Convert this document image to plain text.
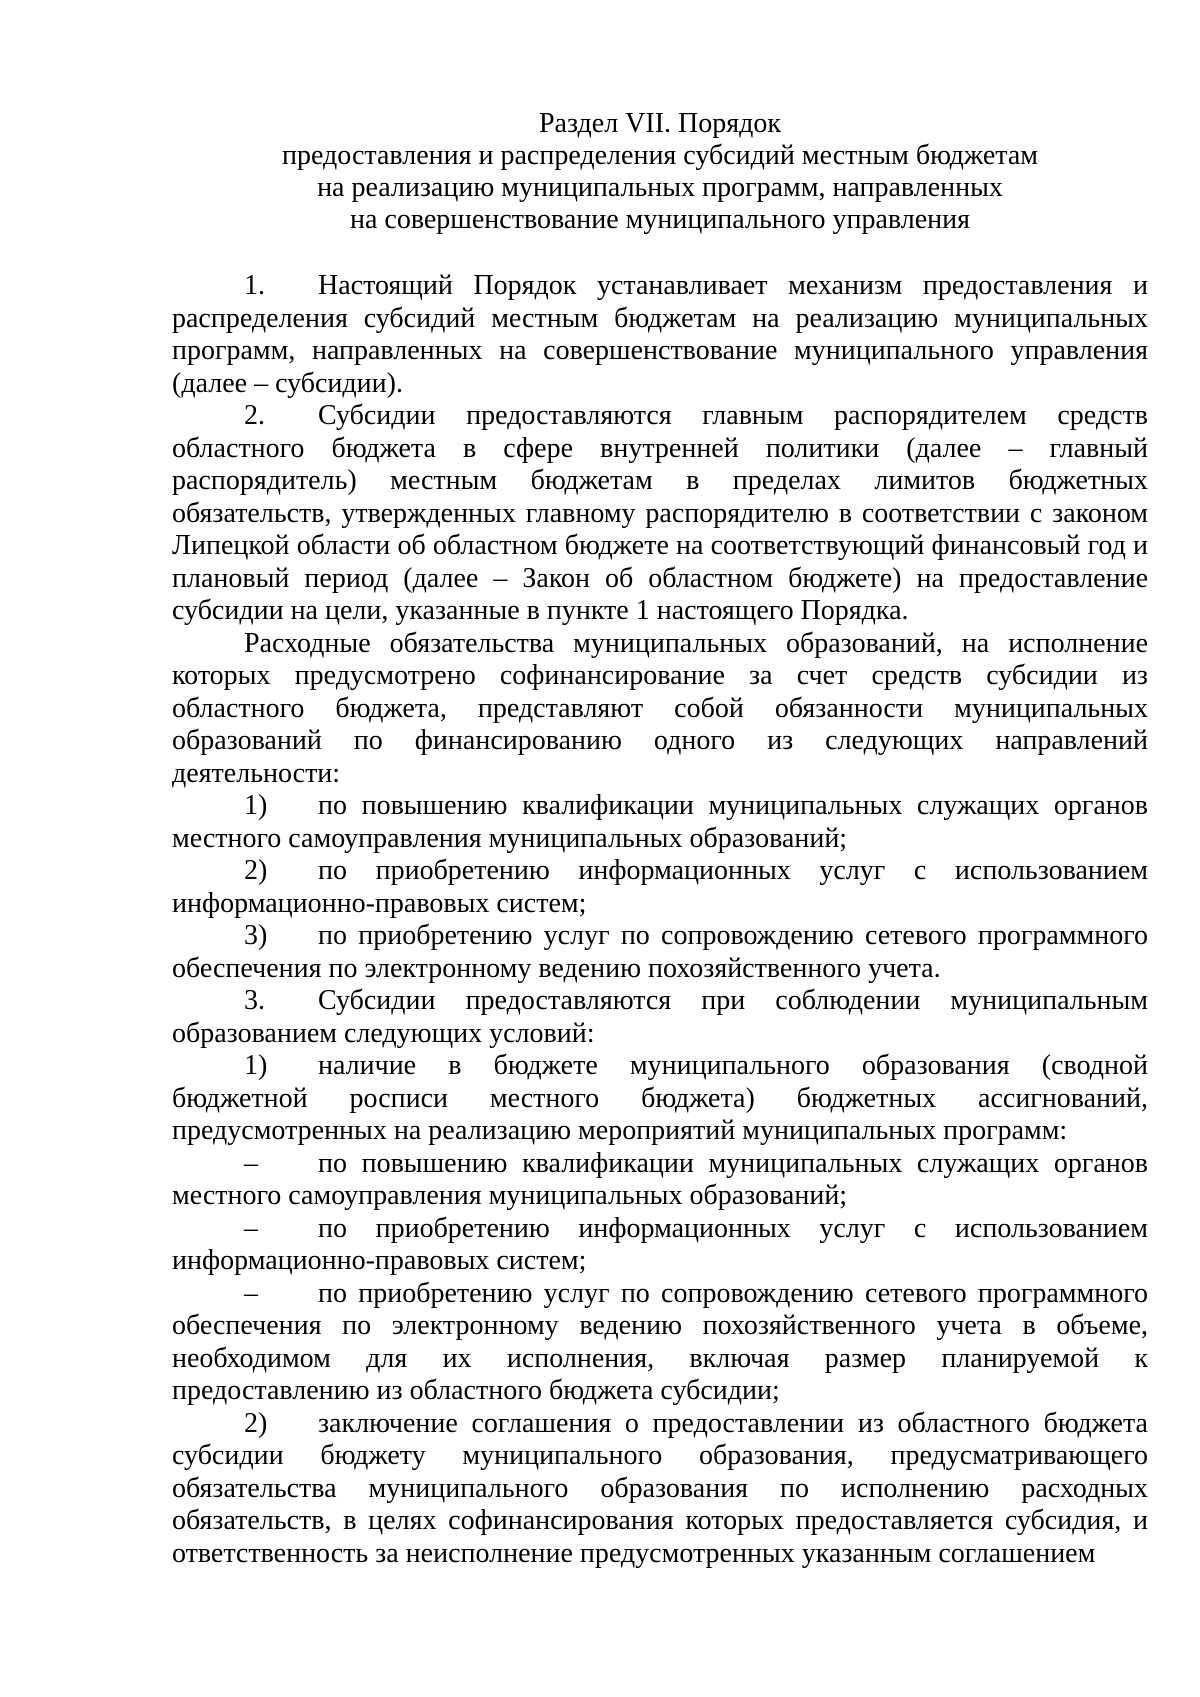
Раздел VII. Порядок
предоставления и распределения субсидий местным бюджетам
на реализацию муниципальных программ, направленных
на совершенствование муниципального управления

1. Настоящий Порядок устанавливает механизм предоставления и распределения субсидий местным бюджетам на реализацию муниципальных программ, направленных на совершенствование муниципального управления (далее – субсидии).

2. Субсидии предоставляются главным распорядителем средств областного бюджета в сфере внутренней политики (далее – главный распорядитель) местным бюджетам в пределах лимитов бюджетных обязательств, утвержденных главному распорядителю в соответствии с законом Липецкой области об областном бюджете на соответствующий финансовый год и плановый период (далее – Закон об областном бюджете) на предоставление субсидии на цели, указанные в пункте 1 настоящего Порядка.

Расходные обязательства муниципальных образований, на исполнение которых предусмотрено софинансирование за счет средств субсидии из областного бюджета, представляют собой обязанности муниципальных образований по финансированию одного из следующих направлений деятельности:

1) по повышению квалификации муниципальных служащих органов местного самоуправления муниципальных образований;

2) по приобретению информационных услуг с использованием информационно-правовых систем;

3) по приобретению услуг по сопровождению сетевого программного обеспечения по электронному ведению похозяйственного учета.

3. Субсидии предоставляются при соблюдении муниципальным образованием следующих условий:

1) наличие в бюджете муниципального образования (сводной бюджетной росписи местного бюджета) бюджетных ассигнований, предусмотренных на реализацию мероприятий муниципальных программ:

– по повышению квалификации муниципальных служащих органов местного самоуправления муниципальных образований;

– по приобретению информационных услуг с использованием информационно-правовых систем;

– по приобретению услуг по сопровождению сетевого программного обеспечения по электронному ведению похозяйственного учета в объеме, необходимом для их исполнения, включая размер планируемой к предоставлению из областного бюджета субсидии;

2) заключение соглашения о предоставлении из областного бюджета субсидии бюджету муниципального образования, предусматривающего обязательства муниципального образования по исполнению расходных обязательств, в целях софинансирования которых предоставляется субсидия, и ответственность за неисполнение предусмотренных указанным соглашением
